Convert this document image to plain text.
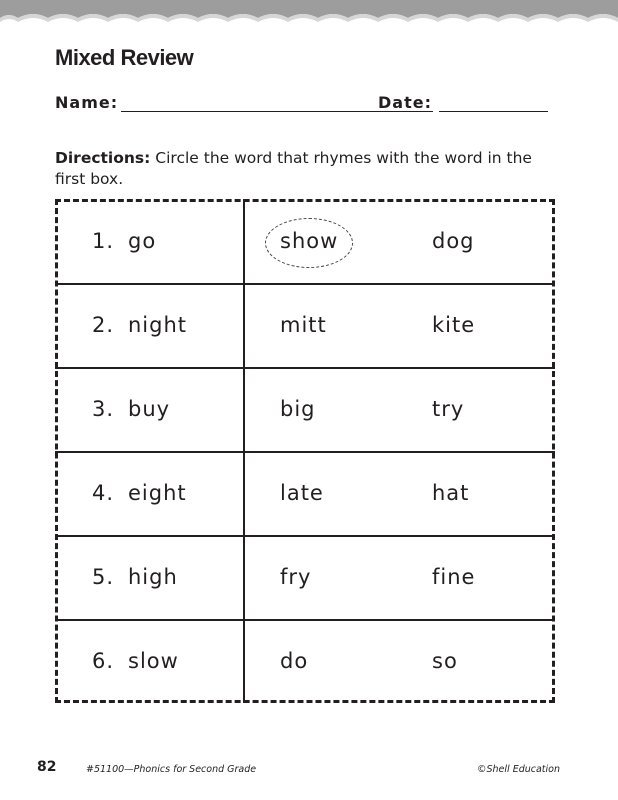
Mixed Review
Name:	Date:
Directions: Circle the word that rhymes with the word in the first box.
1. go	show	dog
2. night	mitt	kite
3. buy	big	try
4. eight	late	hat
5. high	fry	fine
6. slow	do	so
82	#51100—Phonics for Second Grade	©Shell Education
